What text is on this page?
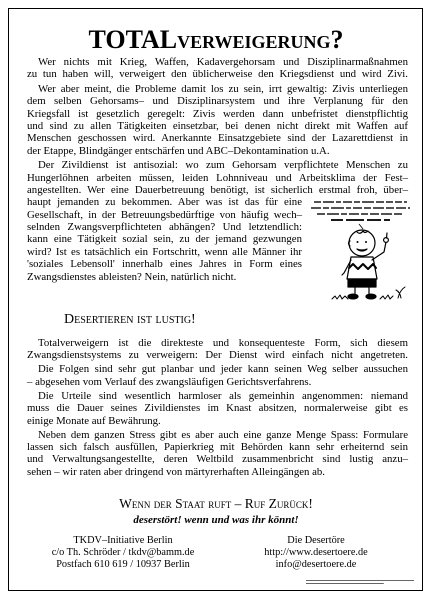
TOTALVERWEIGERUNG?
Wer nichts mit Krieg, Waffen, Kadavergehorsam und Disziplinarmaßnahmen
zu tun haben will, verweigert den üblicherweise den Kriegsdienst und wird Zivi.
Wer aber meint, die Probleme damit los zu sein, irrt gewaltig: Zivis unterliegen
dem selben Gehorsams– und Disziplinarsystem und ihre Verplanung für den
Kriegsfall ist gesetzlich geregelt: Zivis werden dann unbefristet dienstpflichtig
und sind zu allen Tätigkeiten einsetzbar, bei denen nicht direkt mit Waffen auf
Menschen geschossen wird. Anerkannte Einsatzgebiete sind der Lazarettdienst in
der Etappe, Blindgänger entschärfen und ABC–Dekontamination u.A.
Der Zivildienst ist antisozial: wo zum Gehorsam verpflichtete Menschen zu
Hungerlöhnen arbeiten müssen, leiden Lohnniveau und Arbeitsklima der Fest–
angestellten. Wer eine Dauerbetreuung benötigt, ist sicherlich erstmal froh, über–
haupt jemanden zu bekommen. Aber was ist das für eine
Gesellschaft, in der Betreuungsbedürftige von häufig wech–
selnden Zwangsverpflichteten abhängen? Und letztendlich:
kann eine Tätigkeit sozial sein, zu der jemand gezwungen
wird? Ist es tatsächlich ein Fortschritt, wenn alle Männer ihr
'soziales Lebensoll' innerhalb eines Jahres in Form eines
Zwangsdienstes ableisten? Nein, natürlich nicht.
Desertieren ist lustig!
Totalverweigern ist die direkteste und konsequenteste Form, sich diesem
Zwangsdienstsystems zu verweigern: Der Dienst wird einfach nicht angetreten.
Die Folgen sind sehr gut planbar und jeder kann seinen Weg selber aussuchen
– abgesehen vom Verlauf des zwangsläufigen Gerichtsverfahrens.
Die Urteile sind wesentlich harmloser als gemeinhin angenommen: niemand
muss die Dauer seines Zivildienstes im Knast absitzen, normalerweise gibt es
einige Monate auf Bewährung.
Neben dem ganzen Stress gibt es aber auch eine ganze Menge Spass: Formulare
lassen sich falsch ausfüllen, Papierkrieg mit Behörden kann sehr erheiternd sein
und Verwaltungsangestellte, deren Weltbild zusammenbricht sind lustig anzu–
sehen – wir raten aber dringend von märtyrerhaften Alleingängen ab.
Wenn der Staat ruft – Ruf Zurück!
deserstört! wenn und was ihr könnt!
TKDV–Initiative Berlin
c/o Th. Schröder / tkdv@bamm.de
Postfach 610 619 / 10937 Berlin
Die Desertöre
http://www.desertoere.de
info@desertoere.de
